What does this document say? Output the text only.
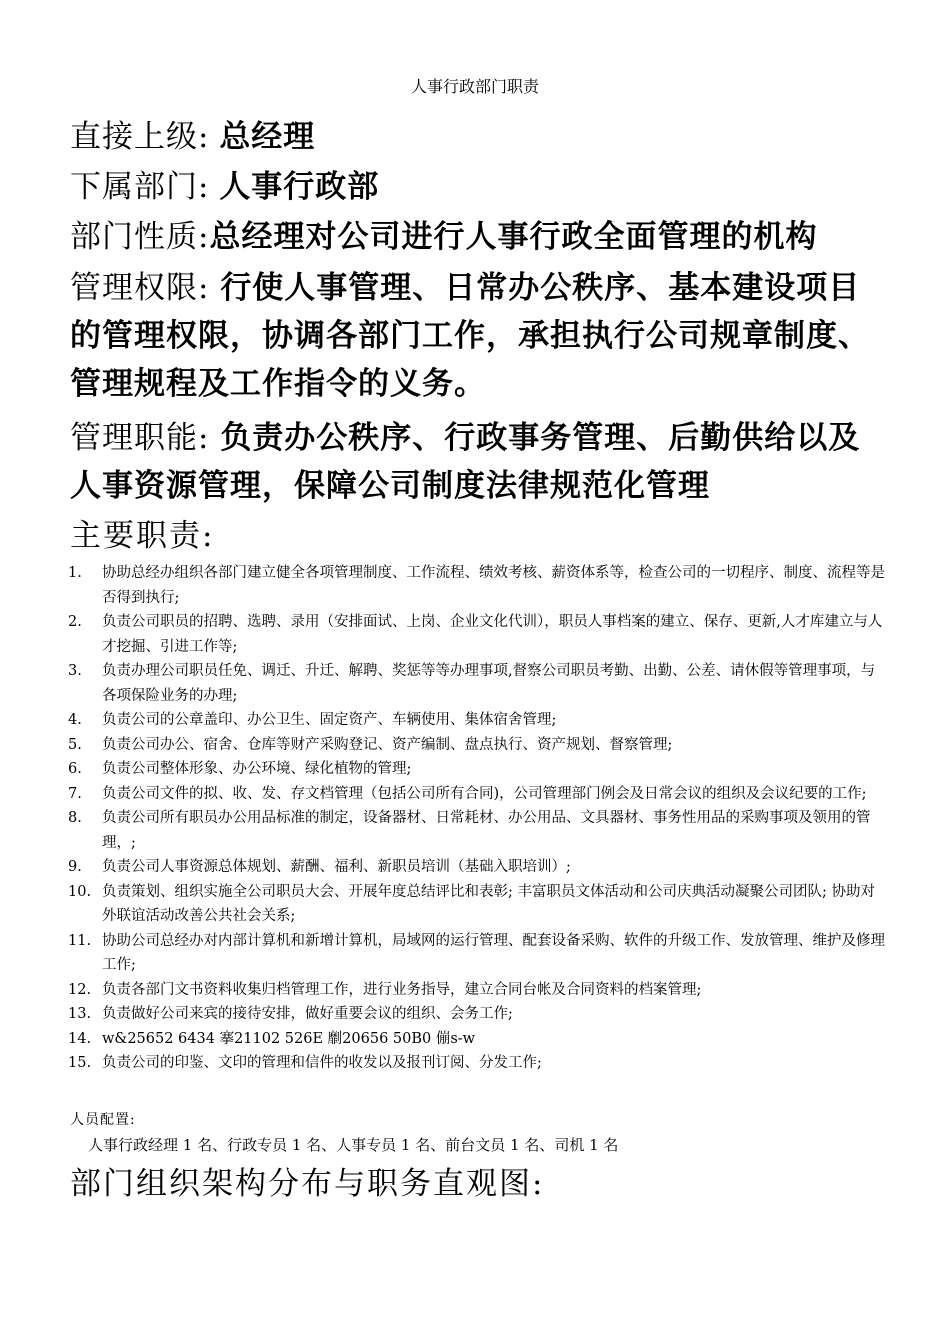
人事行政部门职责
直接上级: 总经理
下属部门: 人事行政部
部门性质:总经理对公司进行人事行政全面管理的机构
管理权限: 行使人事管理、日常办公秩序、基本建设项目的管理权限，协调各部门工作，承担执行公司规章制度、管理规程及工作指令的义务。
管理职能: 负责办公秩序、行政事务管理、后勤供给以及人事资源管理，保障公司制度法律规范化管理
主要职责:
1.	协助总经办组织各部门建立健全各项管理制度、工作流程、绩效考核、薪资体系等，检查公司的一切程序、制度、流程等是否得到执行;
2.	负责公司职员的招聘、选聘、录用（安排面试、上岗、企业文化代训），职员人事档案的建立、保存、更新,人才库建立与人才挖掘、引进工作等;
3.	负责办理公司职员任免、调迁、升迁、解聘、奖惩等等办理事项,督察公司职员考勤、出勤、公差、请休假等管理事项，与各项保险业务的办理;
4.	负责公司的公章盖印、办公卫生、固定资产、车辆使用、集体宿舍管理;
5.	负责公司办公、宿舍、仓库等财产采购登记、资产编制、盘点执行、资产规划、督察管理;
6.	负责公司整体形象、办公环境、绿化植物的管理;
7.	负责公司文件的拟、收、发、存文档管理（包括公司所有合同)，公司管理部门例会及日常会议的组织及会议纪要的工作;
8.	负责公司所有职员办公用品标准的制定，设备器材、日常耗材、办公用品、文具器材、事务性用品的采购事项及领用的管理，;
9.	负责公司人事资源总体规划、薪酬、福利、新职员培训（基础入职培训）;
10. 负责策划、组织实施全公司职员大会、开展年度总结评比和表彰; 丰富职员文体活动和公司庆典活动凝聚公司团队; 协助对外联谊活动改善公共社会关系;
11. 协助公司总经办对内部计算机和新增计算机，局域网的运行管理、配套设备采购、软件的升级工作、发放管理、维护及修理工作;
12. 负责各部门文书资料收集归档管理工作，进行业务指导，建立合同台帐及合同资料的档案管理;
13. 负责做好公司来宾的接待安排，做好重要会议的组织、会务工作;
14. w&25652 6434 搴21102 526E 劘20656 50B0 傰s-w
15. 负责公司的印鉴、文印的管理和信件的收发以及报刊订阅、分发工作;
人员配置:
人事行政经理 1 名、行政专员 1 名、人事专员 1 名、前台文员 1 名、司机 1 名
部门组织架构分布与职务直观图:
